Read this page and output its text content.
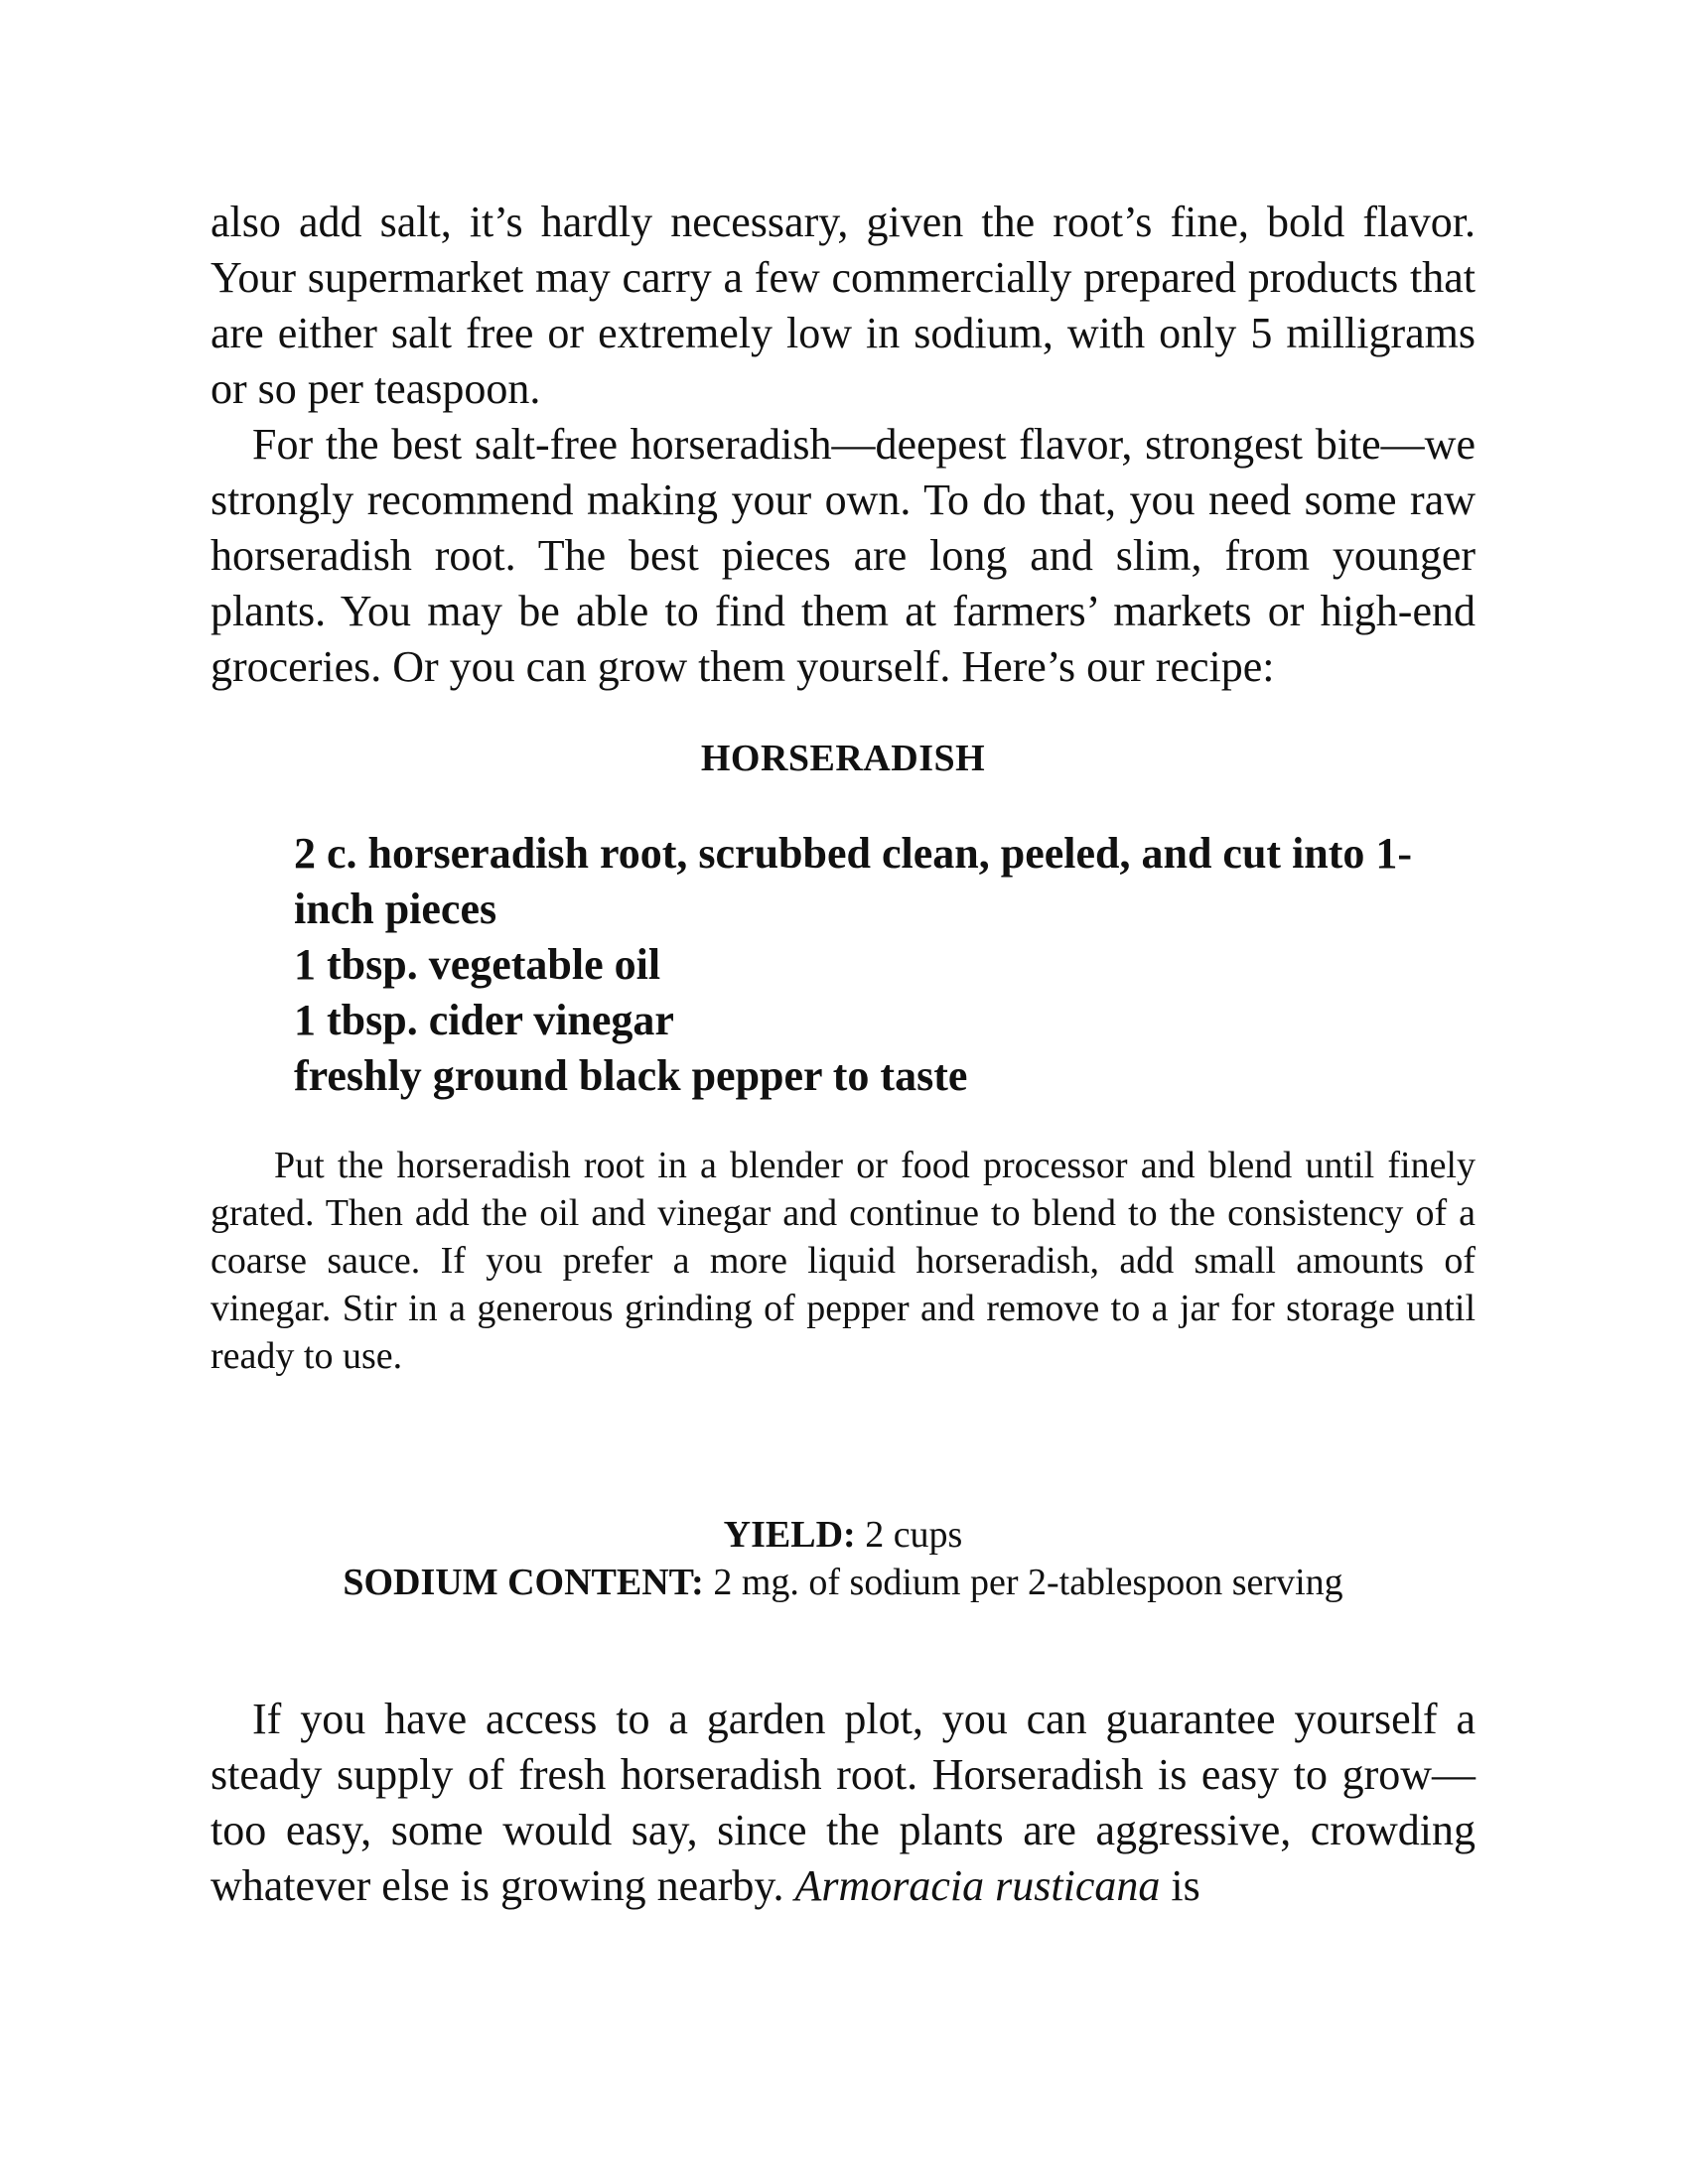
also add salt, it’s hardly necessary, given the root’s fine, bold flavor. Your supermarket may carry a few commercially prepared products that are either salt free or extremely low in sodium, with only 5 milligrams or so per teaspoon.

For the best salt-free horseradish—deepest flavor, strongest bite—we strongly recommend making your own. To do that, you need some raw horseradish root. The best pieces are long and slim, from younger plants. You may be able to find them at farmers’ markets or high-end groceries. Or you can grow them yourself. Here’s our recipe:

HORSERADISH
2 c. horseradish root, scrubbed clean, peeled, and cut into 1-inch pieces
1 tbsp. vegetable oil
1 tbsp. cider vinegar
freshly ground black pepper to taste

Put the horseradish root in a blender or food processor and blend until finely grated. Then add the oil and vinegar and continue to blend to the consistency of a coarse sauce. If you prefer a more liquid horseradish, add small amounts of vinegar. Stir in a generous grinding of pepper and remove to a jar for storage until ready to use.

YIELD: 2 cups
SODIUM CONTENT: 2 mg. of sodium per 2-tablespoon serving

If you have access to a garden plot, you can guarantee yourself a steady supply of fresh horseradish root. Horseradish is easy to grow—too easy, some would say, since the plants are aggressive, crowding whatever else is growing nearby. Armoracia rusticana is
